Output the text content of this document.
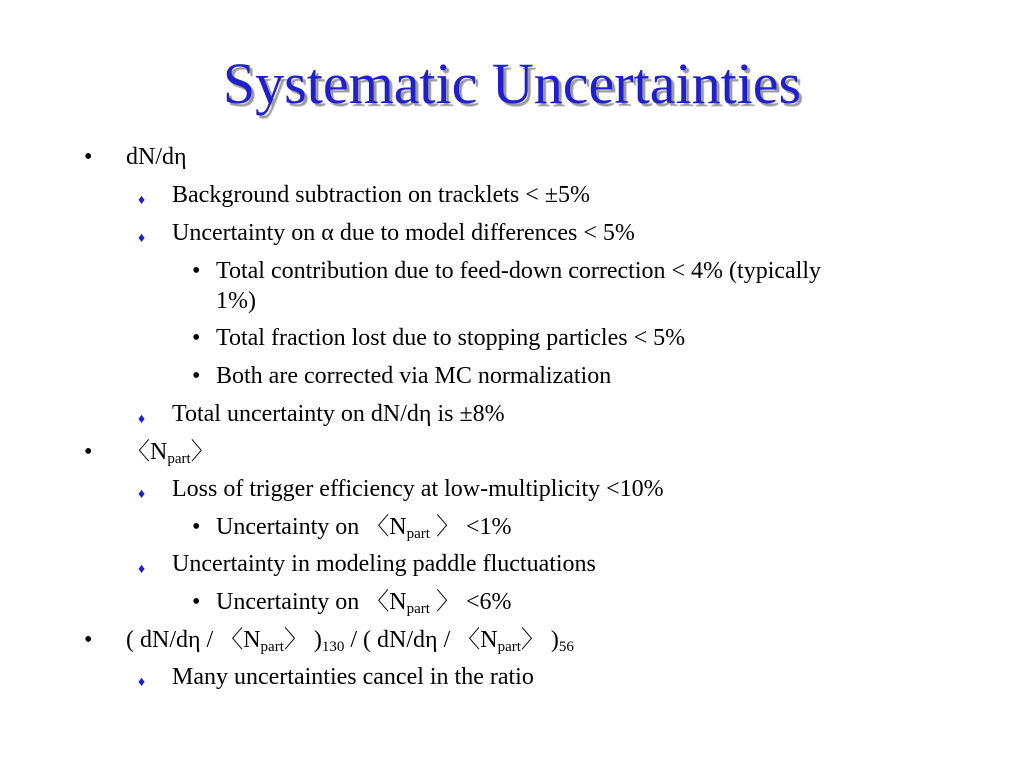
Systematic Uncertainties
• dN/dη
♦ Background subtraction on tracklets < ±5%
♦ Uncertainty on α due to model differences < 5%
• Total contribution due to feed-down correction < 4% (typically
1%)
• Total fraction lost due to stopping particles < 5%
• Both are corrected via MC normalization
♦ Total uncertainty on dN/dη is ±8%
• 〈$N_{part}$〉
♦ Loss of trigger efficiency at low-multiplicity <10%
• Uncertainty on 〈$N_{part}$ 〉 <1%
♦ Uncertainty in modeling paddle fluctuations
• Uncertainty on 〈$N_{part}$ 〉 <6%
• ( dN/dη / 〈$N_{part}$〉 )$_{130}$ / ( dN/dη / 〈$N_{part}$〉 )$_{56}$
♦ Many uncertainties cancel in the ratio
